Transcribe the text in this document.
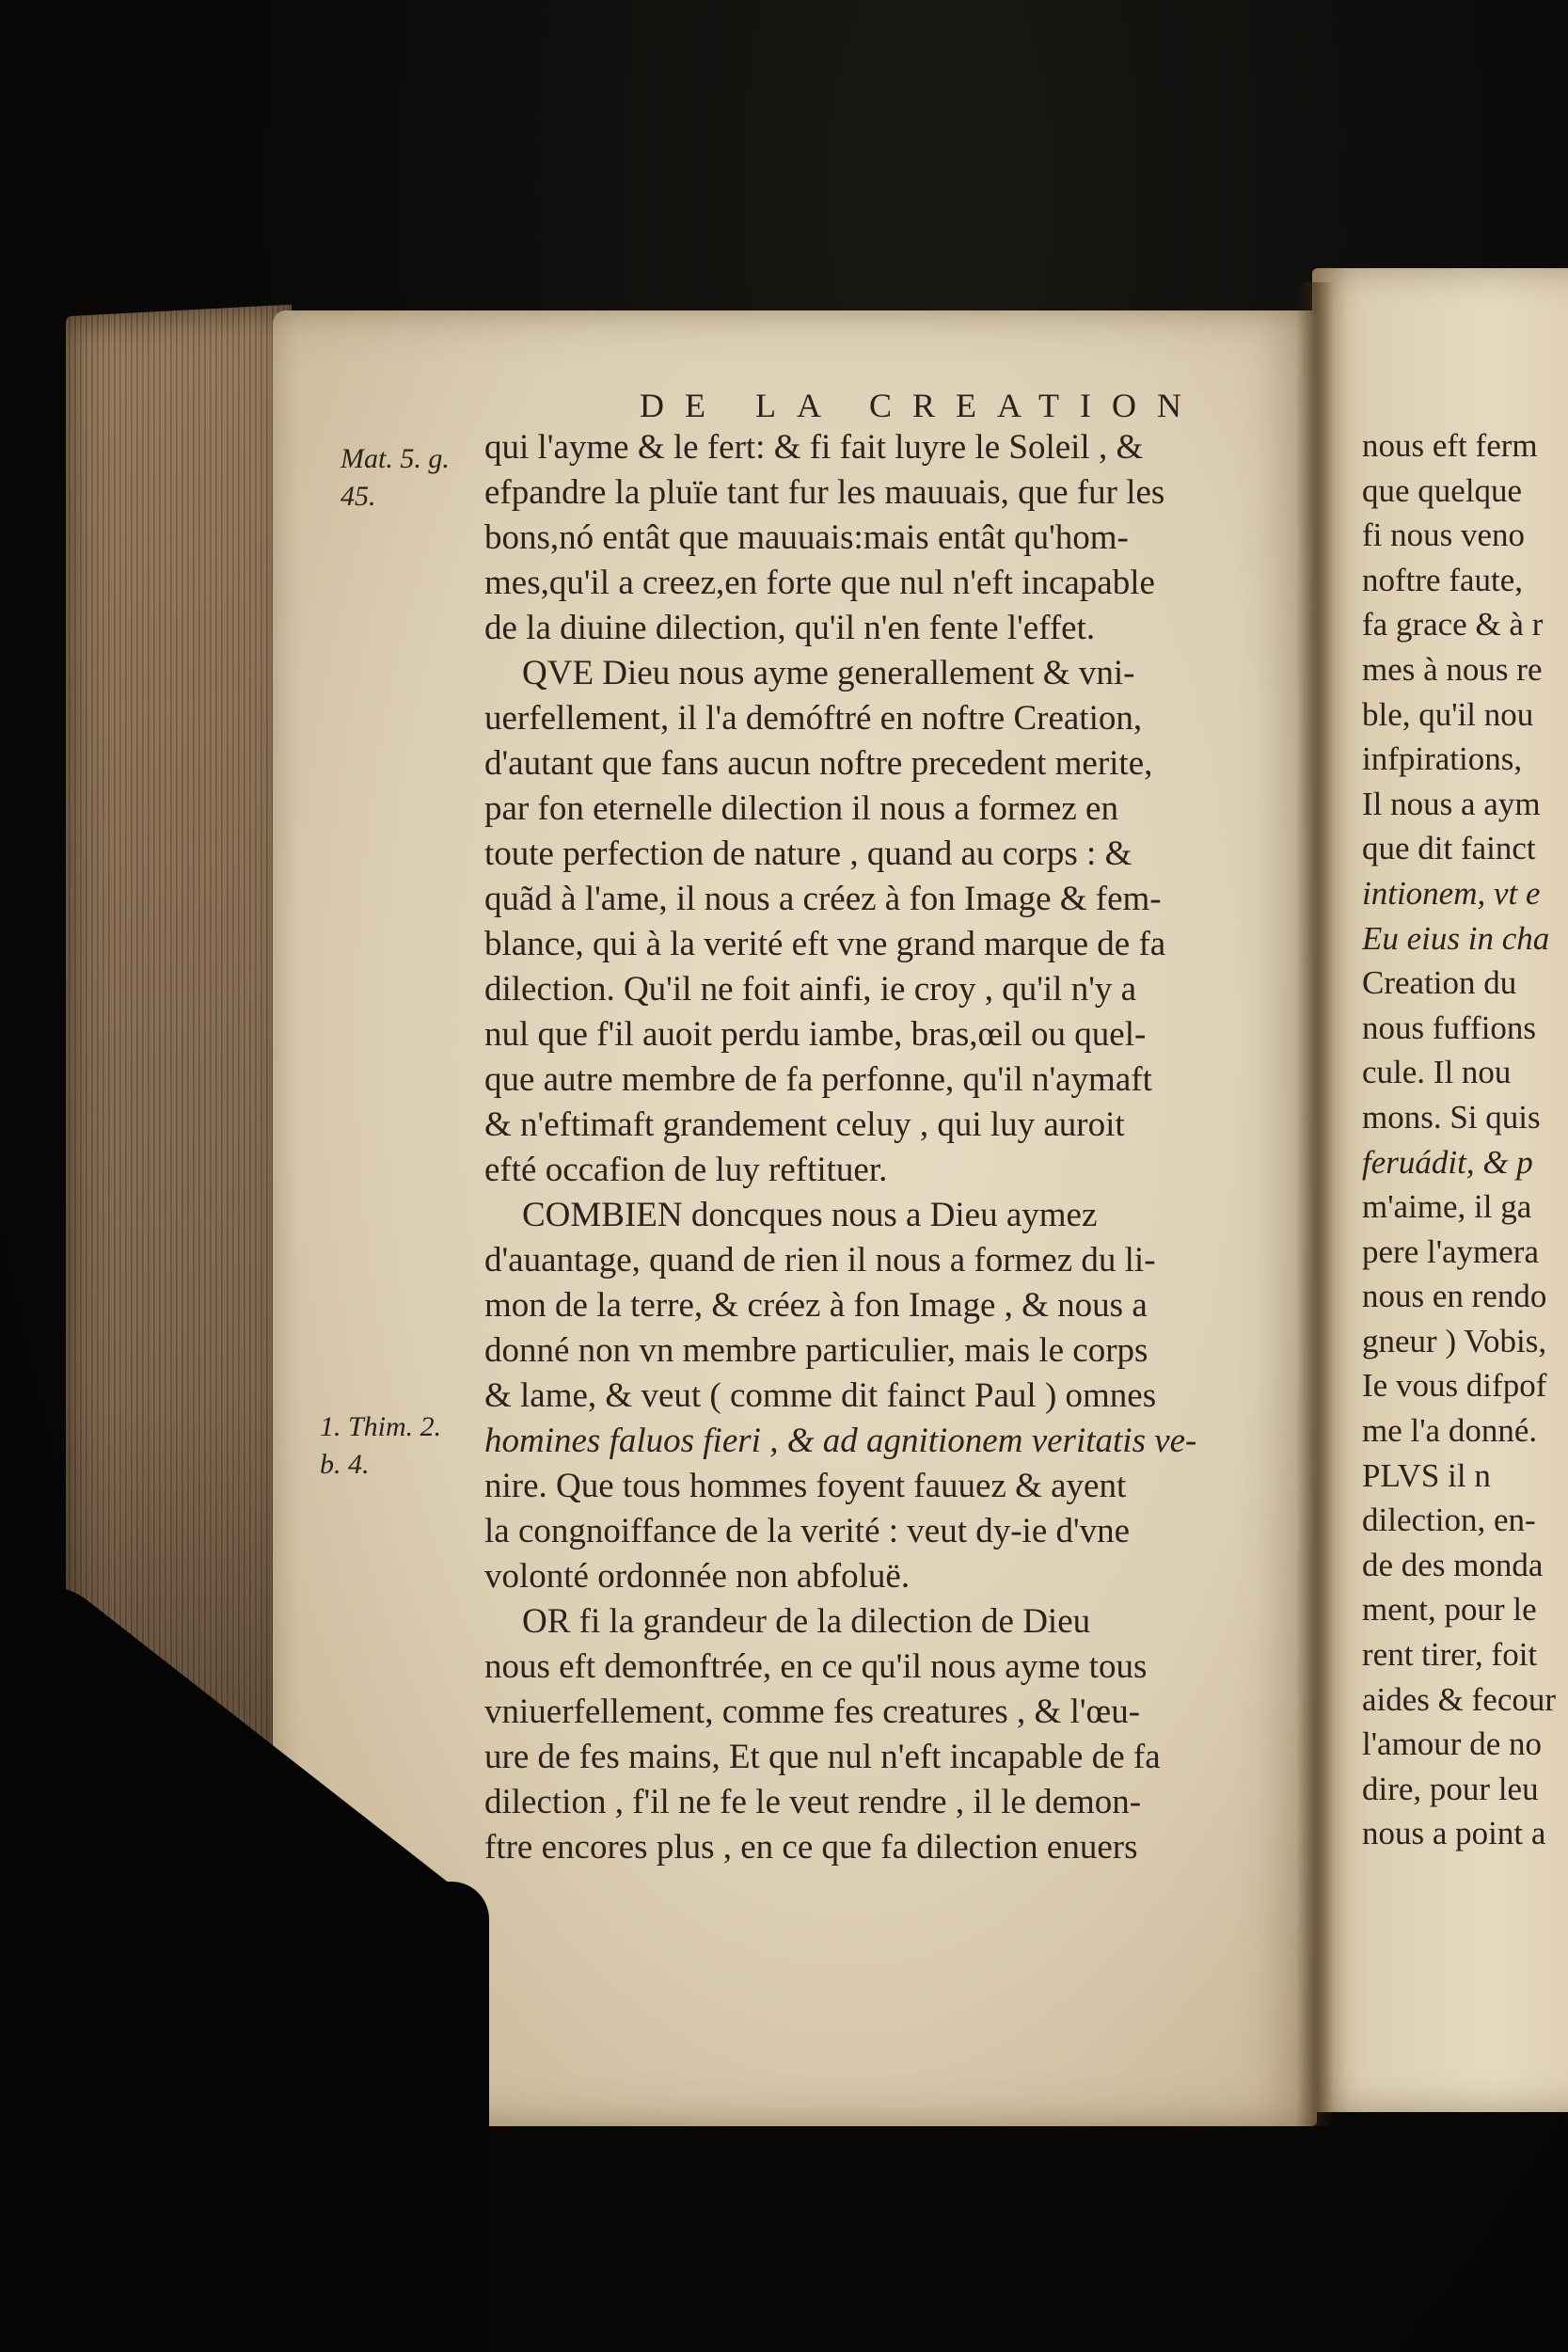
DE LA CREATION
Mat. 5. g.
45.
1. Thim. 2.
b. 4.
qui l'ayme & le fert: & fi fait luyre le Soleil , &
efpandre la pluïe tant fur les mauuais, que fur les
bons,nó entât que mauuais:mais entât qu'hom-
mes,qu'il a creez,en forte que nul n'eft incapable
de la diuine dilection, qu'il n'en fente l'effet.
QVE Dieu nous ayme generallement & vni-
uerfellement, il l'a demóftré en noftre Creation,
d'autant que fans aucun noftre precedent merite,
par fon eternelle dilection il nous a formez en
toute perfection de nature , quand au corps : &
quãd à l'ame, il nous a créez à fon Image & fem-
blance, qui à la verité eft vne grand marque de fa
dilection. Qu'il ne foit ainfi, ie croy , qu'il n'y a
nul que f'il auoit perdu iambe, bras,œil ou quel-
que autre membre de fa perfonne, qu'il n'aymaft
& n'eftimaft grandement celuy , qui luy auroit
efté occafion de luy reftituer.
COMBIEN doncques nous a Dieu aymez
d'auantage, quand de rien il nous a formez du li-
mon de la terre, & créez à fon Image , & nous a
donné non vn membre particulier, mais le corps
& lame, & veut ( comme dit fainct Paul ) omnes
homines faluos fieri , & ad agnitionem veritatis ve-
nire. Que tous hommes foyent fauuez & ayent
la congnoiffance de la verité : veut dy-ie d'vne
volonté ordonnée non abfoluë.
OR fi la grandeur de la dilection de Dieu
nous eft demonftrée, en ce qu'il nous ayme tous
vniuerfellement, comme fes creatures , & l'œu-
ure de fes mains, Et que nul n'eft incapable de fa
dilection , f'il ne fe le veut rendre , il le demon-
ftre encores plus , en ce que fa dilection enuers
nous eft ferm
que quelque
fi nous veno
noftre faute,
fa grace & à r
mes à nous re
ble, qu'il nou
infpirations,
Il nous a aym
que dit fainct
intionem, vt e
Eu eius in cha
Creation du
nous fuffions
cule. Il nou
mons. Si quis
feruádit, & p
m'aime, il ga
pere l'aymera
nous en rendo
gneur ) Vobis,
Ie vous difpof
me l'a donné.
PLVS il n
dilection, en-
de des monda
ment, pour le
rent tirer, foit
aides & fecour
l'amour de no
dire, pour leu
nous a point a
